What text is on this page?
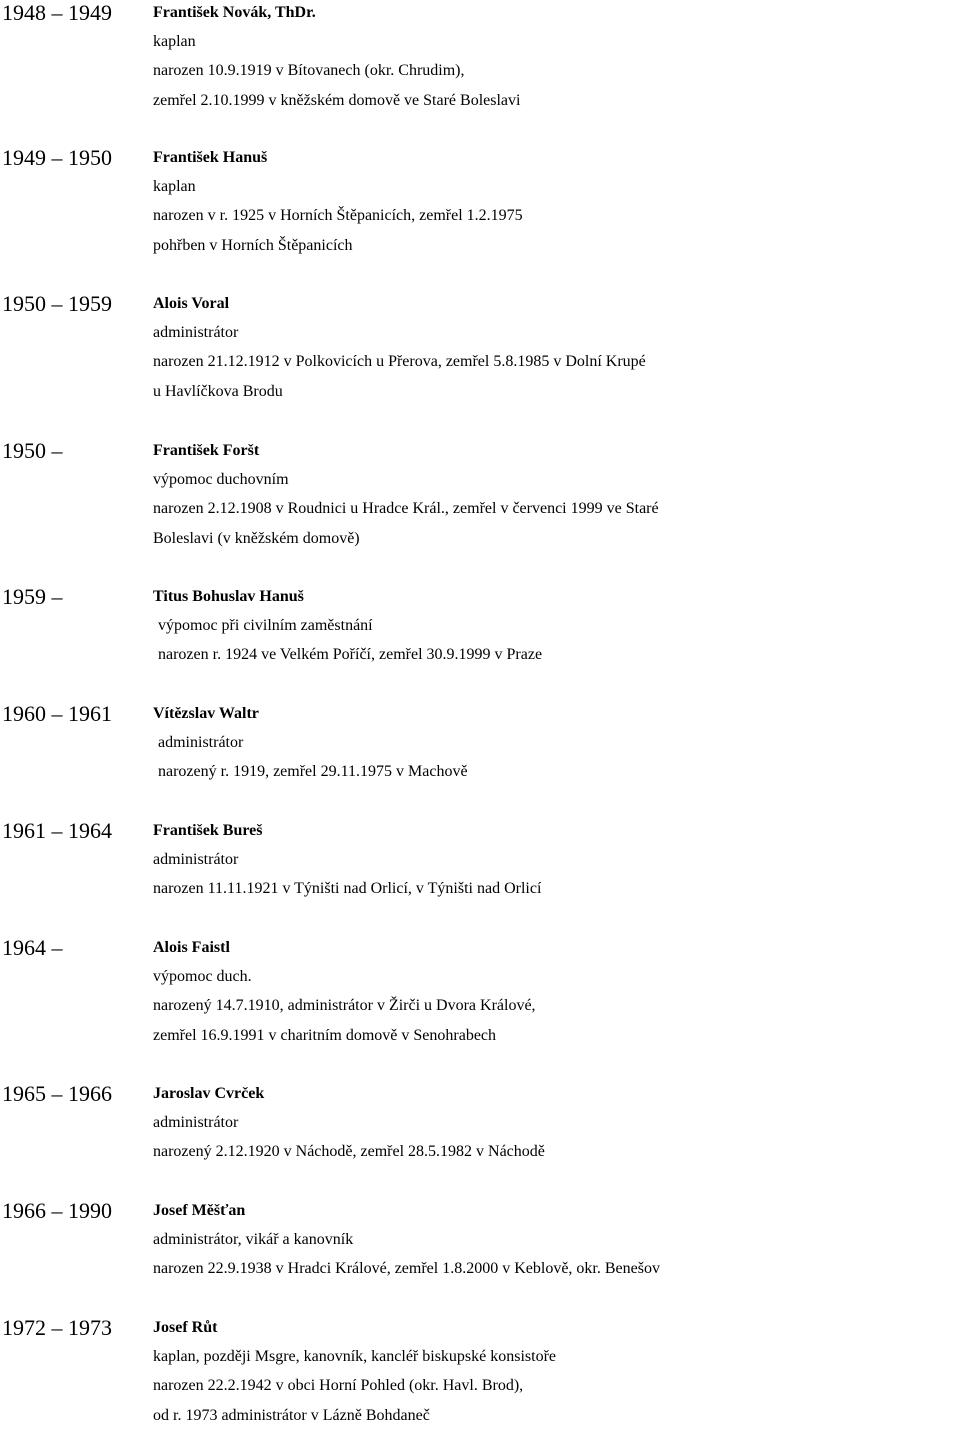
1948 – 1949	František Novák, ThDr.
kaplan
narozen 10.9.1919 v Bítovanech (okr. Chrudim),
zemřel 2.10.1999 v kněžském domově ve Staré Boleslavi
1949 – 1950	František Hanuš
kaplan
narozen v r. 1925 v Horních Štěpanicích, zemřel 1.2.1975
pohřben v Horních Štěpanicích
1950 – 1959	Alois Voral
administrátor
narozen 21.12.1912 v Polkovicích u Přerova, zemřel 5.8.1985 v Dolní Krupé
u Havlíčkova Brodu
1950 –	František Foršt
výpomoc duchovním
narozen 2.12.1908 v Roudnici u Hradce Král., zemřel v červenci 1999 ve Staré
Boleslavi (v kněžském domově)
1959 –	Titus Bohuslav Hanuš
výpomoc při civilním zaměstnání
narozen r. 1924 ve Velkém Poříčí, zemřel 30.9.1999 v Praze
1960 – 1961	Vítězslav Waltr
administrátor
narozený r. 1919, zemřel 29.11.1975 v Machově
1961 – 1964	František Bureš
administrátor
narozen 11.11.1921 v Týništi nad Orlicí, v Týništi nad Orlicí
1964 –	Alois Faistl
výpomoc duch.
narozený 14.7.1910, administrátor v Žirči u Dvora Králové,
zemřel 16.9.1991 v charitním domově v Senohrabech
1965 – 1966	Jaroslav Cvrček
administrátor
narozený 2.12.1920 v Náchodě, zemřel 28.5.1982 v Náchodě
1966 – 1990	Josef Měšťan
administrátor, vikář a kanovník
narozen 22.9.1938 v Hradci Králové, zemřel 1.8.2000 v Keblově, okr. Benešov
1972 – 1973	Josef Růt
kaplan, později Msgre, kanovník, kancléř biskupské konsistoře
narozen 22.2.1942 v obci Horní Pohled (okr. Havl. Brod),
od r. 1973 administrátor v Lázně Bohdaneč
